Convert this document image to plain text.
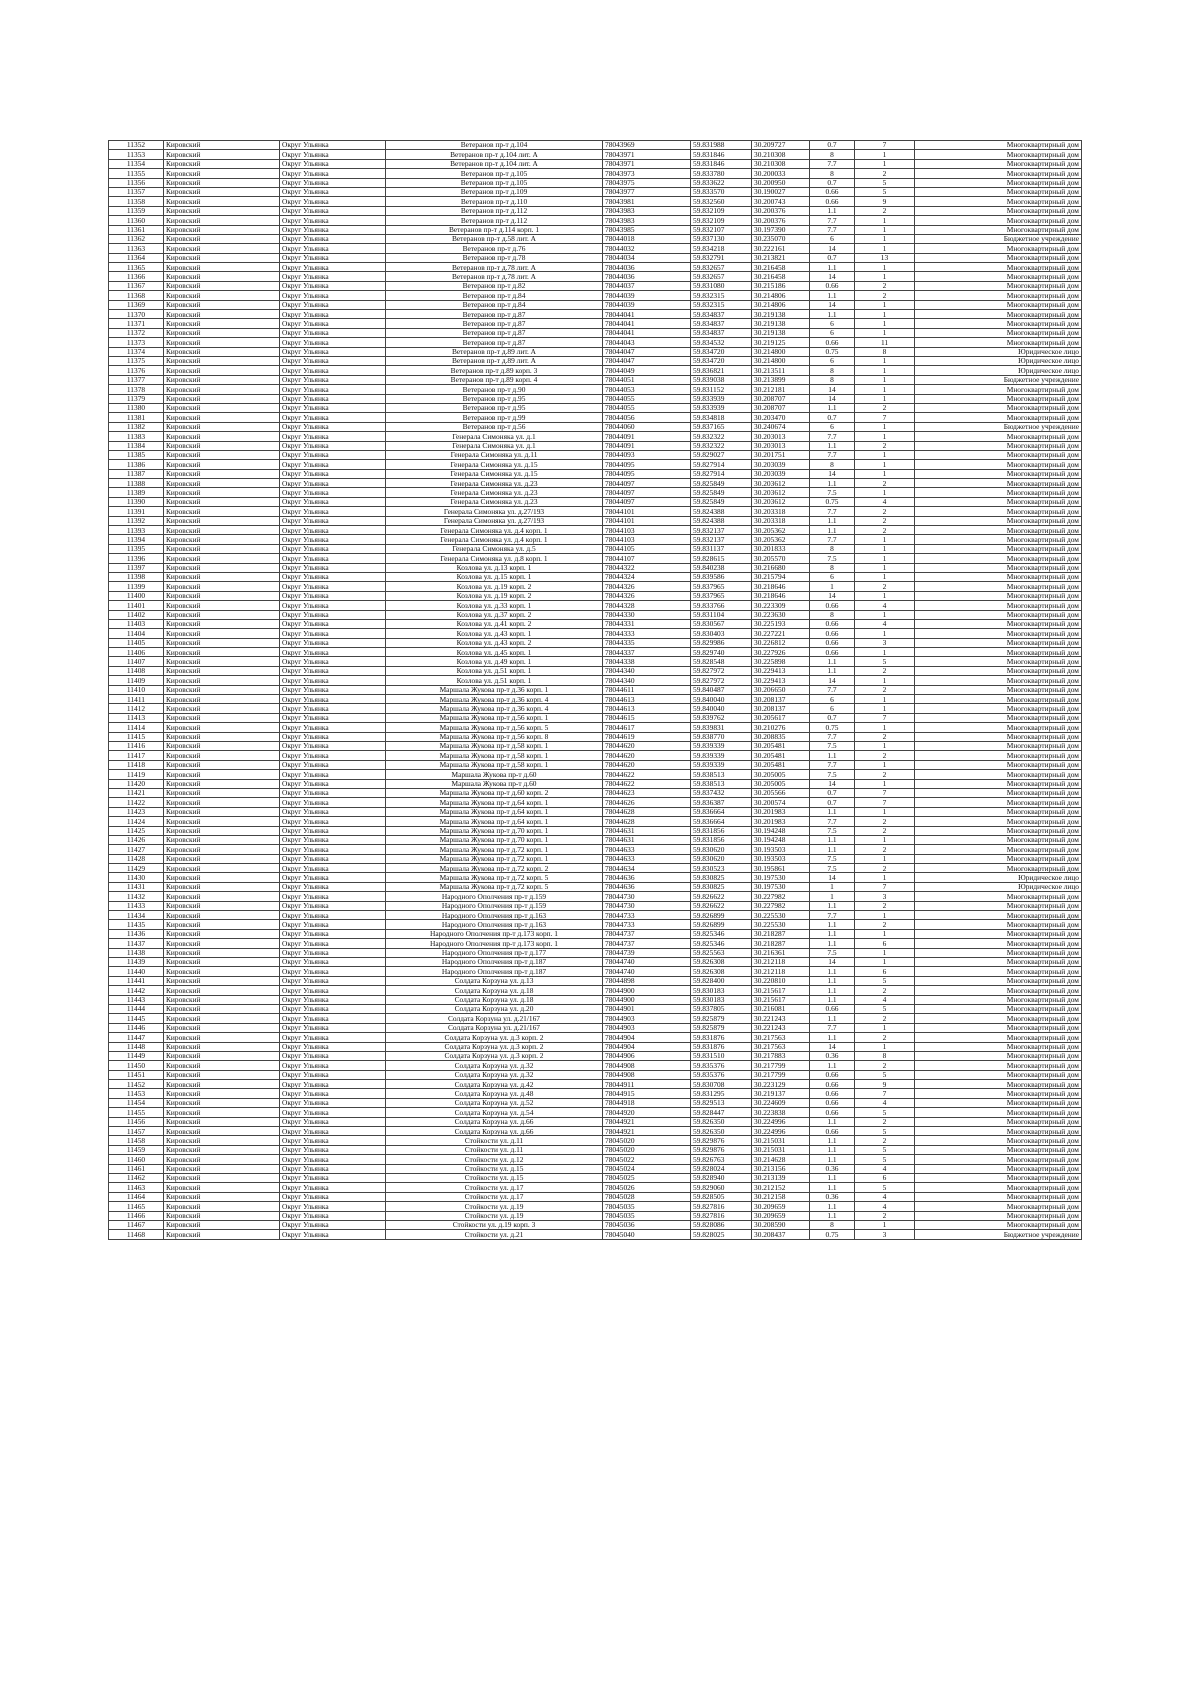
11352	Кировский	Округ Ульянка	Ветеранов пр-т д.104	78043969	59.831988	30.209727	0.7	7	Многоквартирный дом
11353	Кировский	Округ Ульянка	Ветеранов пр-т д.104 лит. А	78043971	59.831846	30.210308	8	1	Многоквартирный дом
11354	Кировский	Округ Ульянка	Ветеранов пр-т д.104 лит. А	78043971	59.831846	30.210308	7.7	1	Многоквартирный дом
11355	Кировский	Округ Ульянка	Ветеранов пр-т д.105	78043973	59.833780	30.200033	8	2	Многоквартирный дом
11356	Кировский	Округ Ульянка	Ветеранов пр-т д.105	78043975	59.833622	30.200950	0.7	5	Многоквартирный дом
11357	Кировский	Округ Ульянка	Ветеранов пр-т д.109	78043977	59.833570	30.190027	0.66	5	Многоквартирный дом
11358	Кировский	Округ Ульянка	Ветеранов пр-т д.110	78043981	59.832560	30.200743	0.66	9	Многоквартирный дом
11359	Кировский	Округ Ульянка	Ветеранов пр-т д.112	78043983	59.832109	30.200376	1.1	2	Многоквартирный дом
11360	Кировский	Округ Ульянка	Ветеранов пр-т д.112	78043983	59.832109	30.200376	7.7	1	Многоквартирный дом
11361	Кировский	Округ Ульянка	Ветеранов пр-т д.114 корп. 1	78043985	59.832107	30.197390	7.7	1	Многоквартирный дом
11362	Кировский	Округ Ульянка	Ветеранов пр-т д.58 лит. А	78044018	59.837130	30.235070	6	1	Бюджетное учреждение
11363	Кировский	Округ Ульянка	Ветеранов пр-т д.76	78044032	59.834218	30.222161	14	1	Многоквартирный дом
11364	Кировский	Округ Ульянка	Ветеранов пр-т д.78	78044034	59.832791	30.213821	0.7	13	Многоквартирный дом
11365	Кировский	Округ Ульянка	Ветеранов пр-т д.78 лит. А	78044036	59.832657	30.216458	1.1	1	Многоквартирный дом
11366	Кировский	Округ Ульянка	Ветеранов пр-т д.78 лит. А	78044036	59.832657	30.216458	14	1	Многоквартирный дом
11367	Кировский	Округ Ульянка	Ветеранов пр-т д.82	78044037	59.831080	30.215186	0.66	2	Многоквартирный дом
11368	Кировский	Округ Ульянка	Ветеранов пр-т д.84	78044039	59.832315	30.214806	1.1	2	Многоквартирный дом
11369	Кировский	Округ Ульянка	Ветеранов пр-т д.84	78044039	59.832315	30.214806	14	1	Многоквартирный дом
11370	Кировский	Округ Ульянка	Ветеранов пр-т д.87	78044041	59.834837	30.219138	1.1	1	Многоквартирный дом
11371	Кировский	Округ Ульянка	Ветеранов пр-т д.87	78044041	59.834837	30.219138	6	1	Многоквартирный дом
11372	Кировский	Округ Ульянка	Ветеранов пр-т д.87	78044041	59.834837	30.219138	6	1	Многоквартирный дом
11373	Кировский	Округ Ульянка	Ветеранов пр-т д.87	78044043	59.834532	30.219125	0.66	11	Многоквартирный дом
11374	Кировский	Округ Ульянка	Ветеранов пр-т д.89 лит. А	78044047	59.834720	30.214800	0.75	8	Юридическое лицо
11375	Кировский	Округ Ульянка	Ветеранов пр-т д.89 лит. А	78044047	59.834720	30.214800	6	1	Юридическое лицо
11376	Кировский	Округ Ульянка	Ветеранов пр-т д.89 корп. 3	78044049	59.836821	30.213511	8	1	Юридическое лицо
11377	Кировский	Округ Ульянка	Ветеранов пр-т д.89 корп. 4	78044051	59.839038	30.213899	8	1	Бюджетное учреждение
11378	Кировский	Округ Ульянка	Ветеранов пр-т д.90	78044053	59.831152	30.212181	14	1	Многоквартирный дом
11379	Кировский	Округ Ульянка	Ветеранов пр-т д.95	78044055	59.833939	30.208707	14	1	Многоквартирный дом
11380	Кировский	Округ Ульянка	Ветеранов пр-т д.95	78044055	59.833939	30.208707	1.1	2	Многоквартирный дом
11381	Кировский	Округ Ульянка	Ветеранов пр-т д.99	78044056	59.834818	30.203470	0.7	7	Многоквартирный дом
11382	Кировский	Округ Ульянка	Ветеранов пр-т д.56	78044060	59.837165	30.240674	6	1	Бюджетное учреждение
11383	Кировский	Округ Ульянка	Генерала Симоняка ул. д.1	78044091	59.832322	30.203013	7.7	1	Многоквартирный дом
11384	Кировский	Округ Ульянка	Генерала Симоняка ул. д.1	78044091	59.832322	30.203013	1.1	2	Многоквартирный дом
11385	Кировский	Округ Ульянка	Генерала Симоняка ул. д.11	78044093	59.829027	30.201751	7.7	1	Многоквартирный дом
11386	Кировский	Округ Ульянка	Генерала Симоняка ул. д.15	78044095	59.827914	30.203039	8	1	Многоквартирный дом
11387	Кировский	Округ Ульянка	Генерала Симоняка ул. д.15	78044095	59.827914	30.203039	14	1	Многоквартирный дом
11388	Кировский	Округ Ульянка	Генерала Симоняка ул. д.23	78044097	59.825849	30.203612	1.1	2	Многоквартирный дом
11389	Кировский	Округ Ульянка	Генерала Симоняка ул. д.23	78044097	59.825849	30.203612	7.5	1	Многоквартирный дом
11390	Кировский	Округ Ульянка	Генерала Симоняка ул. д.23	78044097	59.825849	30.203612	0.75	4	Многоквартирный дом
11391	Кировский	Округ Ульянка	Генерала Симоняка ул. д.27/193	78044101	59.824388	30.203318	7.7	2	Многоквартирный дом
11392	Кировский	Округ Ульянка	Генерала Симоняка ул. д.27/193	78044101	59.824388	30.203318	1.1	2	Многоквартирный дом
11393	Кировский	Округ Ульянка	Генерала Симоняка ул. д.4 корп. 1	78044103	59.832137	30.205362	1.1	2	Многоквартирный дом
11394	Кировский	Округ Ульянка	Генерала Симоняка ул. д.4 корп. 1	78044103	59.832137	30.205362	7.7	1	Многоквартирный дом
11395	Кировский	Округ Ульянка	Генерала Симоняка ул. д.5	78044105	59.831137	30.201833	8	1	Многоквартирный дом
11396	Кировский	Округ Ульянка	Генерала Симоняка ул. д.8 корп. 1	78044107	59.828615	30.205570	7.5	1	Многоквартирный дом
11397	Кировский	Округ Ульянка	Козлова ул. д.13 корп. 1	78044322	59.840238	30.216680	8	1	Многоквартирный дом
11398	Кировский	Округ Ульянка	Козлова ул. д.15 корп. 1	78044324	59.839586	30.215794	6	1	Многоквартирный дом
11399	Кировский	Округ Ульянка	Козлова ул. д.19 корп. 2	78044326	59.837965	30.218646	1	2	Многоквартирный дом
11400	Кировский	Округ Ульянка	Козлова ул. д.19 корп. 2	78044326	59.837965	30.218646	14	1	Многоквартирный дом
11401	Кировский	Округ Ульянка	Козлова ул. д.33 корп. 1	78044328	59.833766	30.223309	0.66	4	Многоквартирный дом
11402	Кировский	Округ Ульянка	Козлова ул. д.37 корп. 2	78044330	59.831104	30.223630	8	1	Многоквартирный дом
11403	Кировский	Округ Ульянка	Козлова ул. д.41 корп. 2	78044331	59.830567	30.225193	0.66	4	Многоквартирный дом
11404	Кировский	Округ Ульянка	Козлова ул. д.43 корп. 1	78044333	59.830403	30.227221	0.66	1	Многоквартирный дом
11405	Кировский	Округ Ульянка	Козлова ул. д.43 корп. 2	78044335	59.829986	30.226812	0.66	3	Многоквартирный дом
11406	Кировский	Округ Ульянка	Козлова ул. д.45 корп. 1	78044337	59.829740	30.227926	0.66	1	Многоквартирный дом
11407	Кировский	Округ Ульянка	Козлова ул. д.49 корп. 1	78044338	59.828548	30.225898	1.1	5	Многоквартирный дом
11408	Кировский	Округ Ульянка	Козлова ул. д.51 корп. 1	78044340	59.827972	30.229413	1.1	2	Многоквартирный дом
11409	Кировский	Округ Ульянка	Козлова ул. д.51 корп. 1	78044340	59.827972	30.229413	14	1	Многоквартирный дом
11410	Кировский	Округ Ульянка	Маршала Жукова пр-т д.36 корп. 1	78044611	59.840487	30.206650	7.7	2	Многоквартирный дом
11411	Кировский	Округ Ульянка	Маршала Жукова пр-т д.36 корп. 4	78044613	59.840040	30.208137	6	1	Многоквартирный дом
11412	Кировский	Округ Ульянка	Маршала Жукова пр-т д.36 корп. 4	78044613	59.840040	30.208137	6	1	Многоквартирный дом
11413	Кировский	Округ Ульянка	Маршала Жукова пр-т д.56 корп. 1	78044615	59.839762	30.205617	0.7	7	Многоквартирный дом
11414	Кировский	Округ Ульянка	Маршала Жукова пр-т д.56 корп. 5	78044617	59.839831	30.210276	0.75	1	Многоквартирный дом
11415	Кировский	Округ Ульянка	Маршала Жукова пр-т д.56 корп. 8	78044619	59.838770	30.208835	7.7	2	Многоквартирный дом
11416	Кировский	Округ Ульянка	Маршала Жукова пр-т д.58 корп. 1	78044620	59.839339	30.205481	7.5	1	Многоквартирный дом
11417	Кировский	Округ Ульянка	Маршала Жукова пр-т д.58 корп. 1	78044620	59.839339	30.205481	1.1	2	Многоквартирный дом
11418	Кировский	Округ Ульянка	Маршала Жукова пр-т д.58 корп. 1	78044620	59.839339	30.205481	7.7	1	Многоквартирный дом
11419	Кировский	Округ Ульянка	Маршала Жукова пр-т д.60	78044622	59.838513	30.205005	7.5	2	Многоквартирный дом
11420	Кировский	Округ Ульянка	Маршала Жукова пр-т д.60	78044622	59.838513	30.205005	14	1	Многоквартирный дом
11421	Кировский	Округ Ульянка	Маршала Жукова пр-т д.60 корп. 2	78044623	59.837432	30.205566	0.7	7	Многоквартирный дом
11422	Кировский	Округ Ульянка	Маршала Жукова пр-т д.64 корп. 1	78044626	59.836387	30.200574	0.7	7	Многоквартирный дом
11423	Кировский	Округ Ульянка	Маршала Жукова пр-т д.64 корп. 1	78044628	59.836664	30.201983	1.1	1	Многоквартирный дом
11424	Кировский	Округ Ульянка	Маршала Жукова пр-т д.64 корп. 1	78044628	59.836664	30.201983	7.7	2	Многоквартирный дом
11425	Кировский	Округ Ульянка	Маршала Жукова пр-т д.70 корп. 1	78044631	59.831856	30.194248	7.5	2	Многоквартирный дом
11426	Кировский	Округ Ульянка	Маршала Жукова пр-т д.70 корп. 1	78044631	59.831856	30.194248	1.1	1	Многоквартирный дом
11427	Кировский	Округ Ульянка	Маршала Жукова пр-т д.72 корп. 1	78044633	59.830620	30.193503	1.1	2	Многоквартирный дом
11428	Кировский	Округ Ульянка	Маршала Жукова пр-т д.72 корп. 1	78044633	59.830620	30.193503	7.5	1	Многоквартирный дом
11429	Кировский	Округ Ульянка	Маршала Жукова пр-т д.72 корп. 2	78044634	59.830523	30.195861	7.5	2	Многоквартирный дом
11430	Кировский	Округ Ульянка	Маршала Жукова пр-т д.72 корп. 5	78044636	59.830825	30.197530	14	1	Юридическое лицо
11431	Кировский	Округ Ульянка	Маршала Жукова пр-т д.72 корп. 5	78044636	59.830825	30.197530	1	7	Юридическое лицо
11432	Кировский	Округ Ульянка	Народного Ополчения пр-т д.159	78044730	59.826622	30.227982	1	3	Многоквартирный дом
11433	Кировский	Округ Ульянка	Народного Ополчения пр-т д.159	78044730	59.826622	30.227982	1.1	2	Многоквартирный дом
11434	Кировский	Округ Ульянка	Народного Ополчения пр-т д.163	78044733	59.826899	30.225530	7.7	1	Многоквартирный дом
11435	Кировский	Округ Ульянка	Народного Ополчения пр-т д.163	78044733	59.826899	30.225530	1.1	2	Многоквартирный дом
11436	Кировский	Округ Ульянка	Народного Ополчения пр-т д.173 корп. 1	78044737	59.825346	30.218287	1.1	1	Многоквартирный дом
11437	Кировский	Округ Ульянка	Народного Ополчения пр-т д.173 корп. 1	78044737	59.825346	30.218287	1.1	6	Многоквартирный дом
11438	Кировский	Округ Ульянка	Народного Ополчения пр-т д.177	78044739	59.825563	30.216361	7.5	1	Многоквартирный дом
11439	Кировский	Округ Ульянка	Народного Ополчения пр-т д.187	78044740	59.826308	30.212118	14	1	Многоквартирный дом
11440	Кировский	Округ Ульянка	Народного Ополчения пр-т д.187	78044740	59.826308	30.212118	1.1	6	Многоквартирный дом
11441	Кировский	Округ Ульянка	Солдата Корзуна ул. д.13	78044898	59.828400	30.220810	1.1	5	Многоквартирный дом
11442	Кировский	Округ Ульянка	Солдата Корзуна ул. д.18	78044900	59.830183	30.215617	1.1	2	Многоквартирный дом
11443	Кировский	Округ Ульянка	Солдата Корзуна ул. д.18	78044900	59.830183	30.215617	1.1	4	Многоквартирный дом
11444	Кировский	Округ Ульянка	Солдата Корзуна ул. д.20	78044901	59.837805	30.216081	0.66	5	Многоквартирный дом
11445	Кировский	Округ Ульянка	Солдата Корзуна ул. д.21/167	78044903	59.825879	30.221243	1.1	2	Многоквартирный дом
11446	Кировский	Округ Ульянка	Солдата Корзуна ул. д.21/167	78044903	59.825879	30.221243	7.7	1	Многоквартирный дом
11447	Кировский	Округ Ульянка	Солдата Корзуна ул. д.3 корп. 2	78044904	59.831876	30.217563	1.1	2	Многоквартирный дом
11448	Кировский	Округ Ульянка	Солдата Корзуна ул. д.3 корп. 2	78044904	59.831876	30.217563	14	1	Многоквартирный дом
11449	Кировский	Округ Ульянка	Солдата Корзуна ул. д.3 корп. 2	78044906	59.831510	30.217883	0.36	8	Многоквартирный дом
11450	Кировский	Округ Ульянка	Солдата Корзуна ул. д.32	78044908	59.835376	30.217799	1.1	2	Многоквартирный дом
11451	Кировский	Округ Ульянка	Солдата Корзуна ул. д.32	78044908	59.835376	30.217799	0.66	5	Многоквартирный дом
11452	Кировский	Округ Ульянка	Солдата Корзуна ул. д.42	78044911	59.830708	30.223129	0.66	9	Многоквартирный дом
11453	Кировский	Округ Ульянка	Солдата Корзуна ул. д.48	78044915	59.831295	30.219137	0.66	7	Многоквартирный дом
11454	Кировский	Округ Ульянка	Солдата Корзуна ул. д.52	78044918	59.829513	30.224609	0.66	4	Многоквартирный дом
11455	Кировский	Округ Ульянка	Солдата Корзуна ул. д.54	78044920	59.828447	30.223838	0.66	5	Многоквартирный дом
11456	Кировский	Округ Ульянка	Солдата Корзуна ул. д.66	78044921	59.826350	30.224996	1.1	2	Многоквартирный дом
11457	Кировский	Округ Ульянка	Солдата Корзуна ул. д.66	78044921	59.826350	30.224996	0.66	5	Многоквартирный дом
11458	Кировский	Округ Ульянка	Стойкости ул. д.11	78045020	59.829876	30.215031	1.1	2	Многоквартирный дом
11459	Кировский	Округ Ульянка	Стойкости ул. д.11	78045020	59.829876	30.215031	1.1	5	Многоквартирный дом
11460	Кировский	Округ Ульянка	Стойкости ул. д.12	78045022	59.826763	30.214628	1.1	5	Многоквартирный дом
11461	Кировский	Округ Ульянка	Стойкости ул. д.15	78045024	59.828024	30.213156	0.36	4	Многоквартирный дом
11462	Кировский	Округ Ульянка	Стойкости ул. д.15	78045025	59.828940	30.213139	1.1	6	Многоквартирный дом
11463	Кировский	Округ Ульянка	Стойкости ул. д.17	78045026	59.829060	30.212152	1.1	5	Многоквартирный дом
11464	Кировский	Округ Ульянка	Стойкости ул. д.17	78045028	59.828505	30.212158	0.36	4	Многоквартирный дом
11465	Кировский	Округ Ульянка	Стойкости ул. д.19	78045035	59.827816	30.209659	1.1	4	Многоквартирный дом
11466	Кировский	Округ Ульянка	Стойкости ул. д.19	78045035	59.827816	30.209659	1.1	2	Многоквартирный дом
11467	Кировский	Округ Ульянка	Стойкости ул. д.19 корп. 3	78045036	59.828086	30.208590	8	1	Многоквартирный дом
11468	Кировский	Округ Ульянка	Стойкости ул. д.21	78045040	59.828025	30.208437	0.75	3	Бюджетное учреждение
